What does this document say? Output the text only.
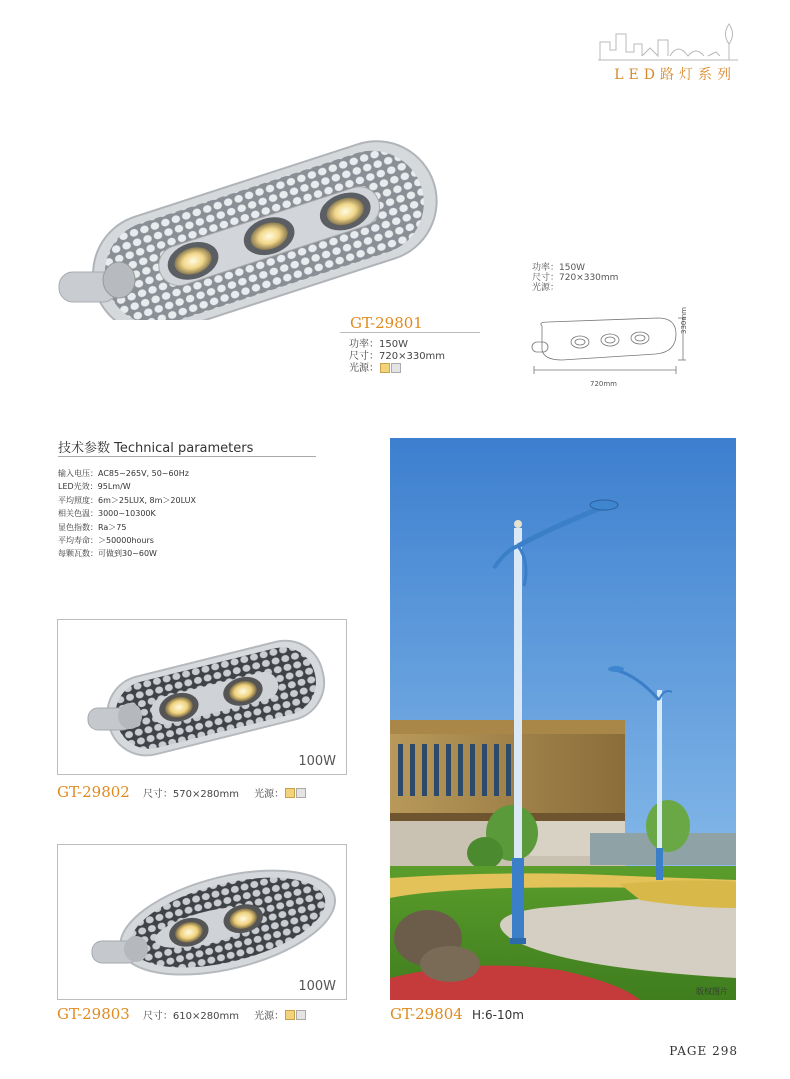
LED路灯系列
GT-29801
功率：150W
尺寸：720×330mm
光源：
功率：150W
尺寸：720×330mm
光源：
720mm
330mm
技术参数 Technical parameters
输入电压：AC85~265V, 50~60Hz
LED光效：95Lm/W
平均照度：6m＞25LUX, 8m＞20LUX
相关色温：3000~10300K
显色指数：Ra＞75
平均寿命：＞50000hours
每颗瓦数：可做到30~60W
100W
GT-29802 尺寸：570×280mm 光源：
100W
GT-29803 尺寸：610×280mm 光源：
版权图片
GT-29804 H:6-10m
PAGE 298
